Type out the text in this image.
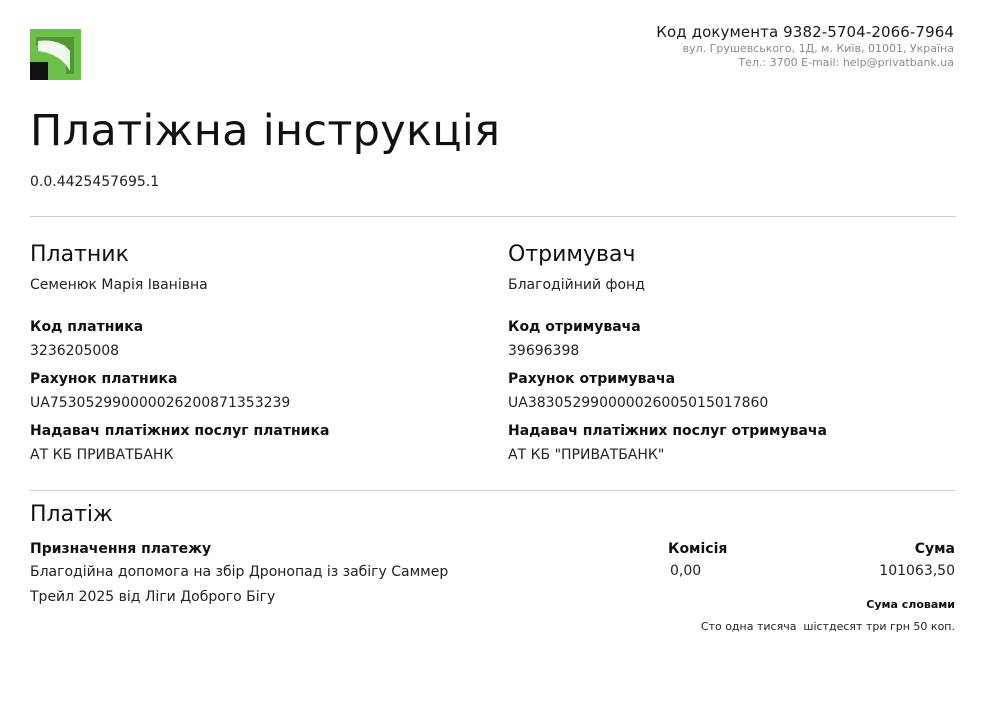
Код документа 9382-5704-2066-7964
вул. Грушевського, 1Д, м. Київ, 01001, Україна
Тел.: 3700 E-mail: help@privatbank.ua
Платіжна інструкція
0.0.4425457695.1
Платник
Семенюк Марія Іванівна
Код платника
3236205008
Рахунок платника
UA753052990000026200871353239
Надавач платіжних послуг платника
АТ КБ ПРИВАТБАНК
Отримувач
Благодійний фонд
Код отримувача
39696398
Рахунок отримувача
UA383052990000026005015017860
Надавач платіжних послуг отримувача
АТ КБ "ПРИВАТБАНК"
Платіж
Призначення платежу
Благодійна допомога на збір Дронопад із забігу Саммер
Трейл 2025 від Ліги Доброго Бігу
Комісія
0,00
Сума
101063,50
Сума словами
Сто одна тисяча  шістдесят три грн 50 коп.
